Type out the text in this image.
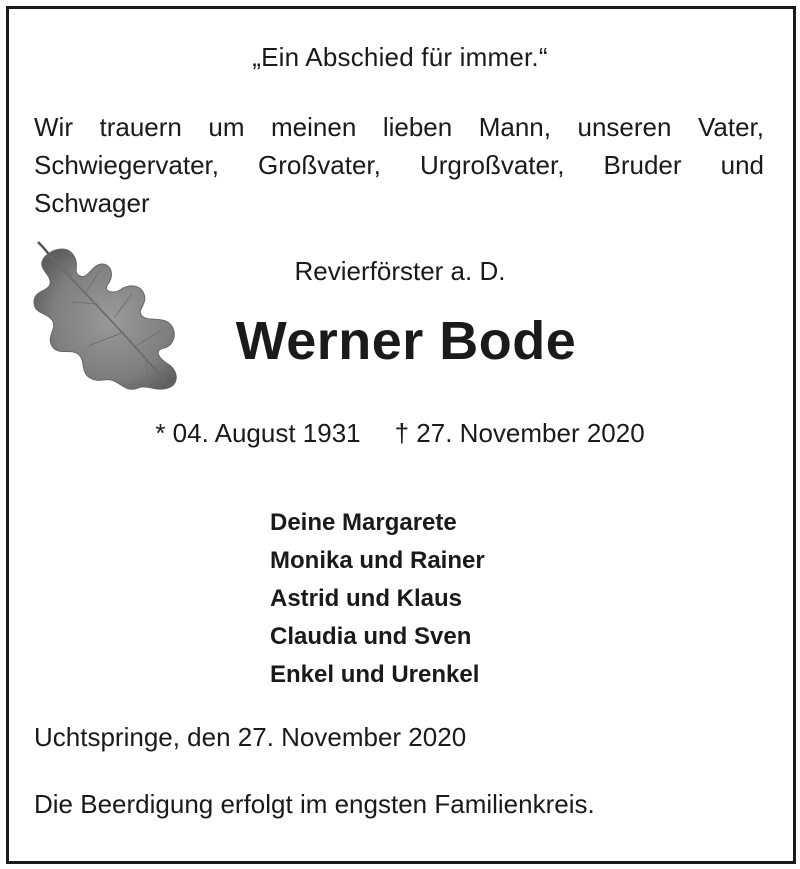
„Ein Abschied für immer.“
Wir trauern um meinen lieben Mann, unseren Vater,
Schwiegervater, Großvater, Urgroßvater, Bruder und
Schwager
Revierförster a. D.
Werner Bode
* 04. August 1931 † 27. November 2020
Deine Margarete
Monika und Rainer
Astrid und Klaus
Claudia und Sven
Enkel und Urenkel
Uchtspringe, den 27. November 2020
Die Beerdigung erfolgt im engsten Familienkreis.
